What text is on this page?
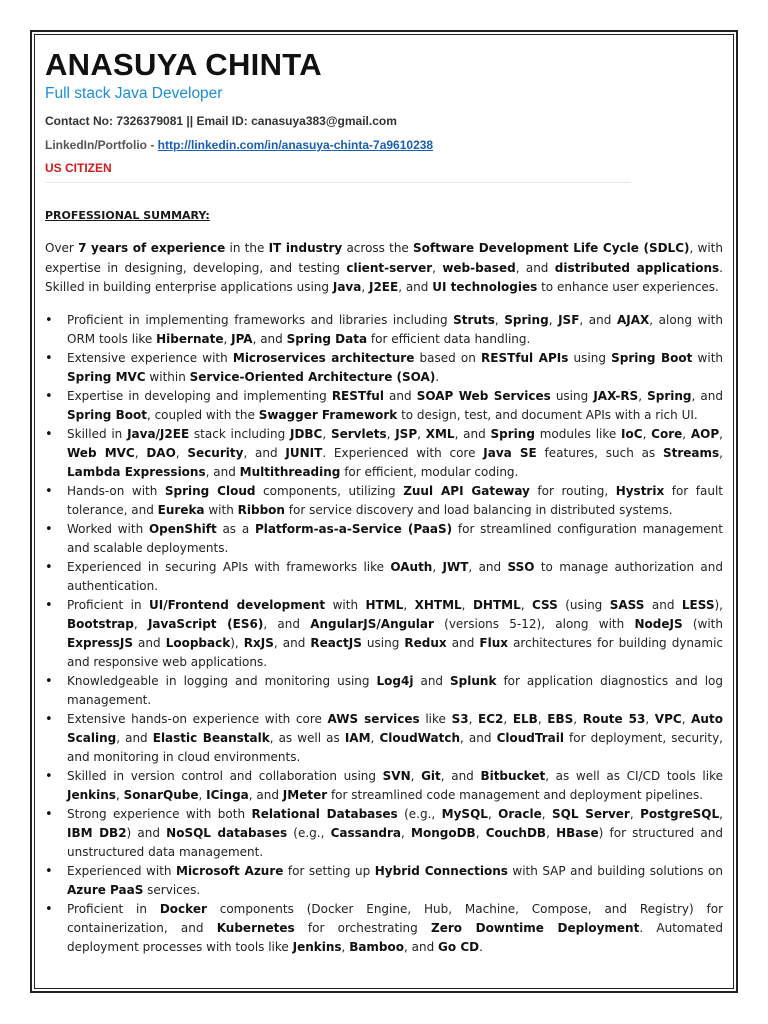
ANASUYA CHINTA
Full stack Java Developer
Contact No: 7326379081 || Email ID: canasuya383@gmail.com
LinkedIn/Portfolio - http://linkedin.com/in/anasuya-chinta-7a9610238
US CITIZEN
PROFESSIONAL SUMMARY:

Over 7 years of experience in the IT industry across the Software Development Life Cycle (SDLC), with expertise in designing, developing, and testing client-server, web-based, and distributed applications. Skilled in building enterprise applications using Java, J2EE, and UI technologies to enhance user experiences.

• Proficient in implementing frameworks and libraries including Struts, Spring, JSF, and AJAX, along with ORM tools like Hibernate, JPA, and Spring Data for efficient data handling.
• Extensive experience with Microservices architecture based on RESTful APIs using Spring Boot with Spring MVC within Service-Oriented Architecture (SOA).
• Expertise in developing and implementing RESTful and SOAP Web Services using JAX-RS, Spring, and Spring Boot, coupled with the Swagger Framework to design, test, and document APIs with a rich UI.
• Skilled in Java/J2EE stack including JDBC, Servlets, JSP, XML, and Spring modules like IoC, Core, AOP, Web MVC, DAO, Security, and JUNIT. Experienced with core Java SE features, such as Streams, Lambda Expressions, and Multithreading for efficient, modular coding.
• Hands-on with Spring Cloud components, utilizing Zuul API Gateway for routing, Hystrix for fault tolerance, and Eureka with Ribbon for service discovery and load balancing in distributed systems.
• Worked with OpenShift as a Platform-as-a-Service (PaaS) for streamlined configuration management and scalable deployments.
• Experienced in securing APIs with frameworks like OAuth, JWT, and SSO to manage authorization and authentication.
• Proficient in UI/Frontend development with HTML, XHTML, DHTML, CSS (using SASS and LESS), Bootstrap, JavaScript (ES6), and AngularJS/Angular (versions 5-12), along with NodeJS (with ExpressJS and Loopback), RxJS, and ReactJS using Redux and Flux architectures for building dynamic and responsive web applications.
• Knowledgeable in logging and monitoring using Log4j and Splunk for application diagnostics and log management.
• Extensive hands-on experience with core AWS services like S3, EC2, ELB, EBS, Route 53, VPC, Auto Scaling, and Elastic Beanstalk, as well as IAM, CloudWatch, and CloudTrail for deployment, security, and monitoring in cloud environments.
• Skilled in version control and collaboration using SVN, Git, and Bitbucket, as well as CI/CD tools like Jenkins, SonarQube, ICinga, and JMeter for streamlined code management and deployment pipelines.
• Strong experience with both Relational Databases (e.g., MySQL, Oracle, SQL Server, PostgreSQL, IBM DB2) and NoSQL databases (e.g., Cassandra, MongoDB, CouchDB, HBase) for structured and unstructured data management.
• Experienced with Microsoft Azure for setting up Hybrid Connections with SAP and building solutions on Azure PaaS services.
• Proficient in Docker components (Docker Engine, Hub, Machine, Compose, and Registry) for containerization, and Kubernetes for orchestrating Zero Downtime Deployment. Automated deployment processes with tools like Jenkins, Bamboo, and Go CD.
